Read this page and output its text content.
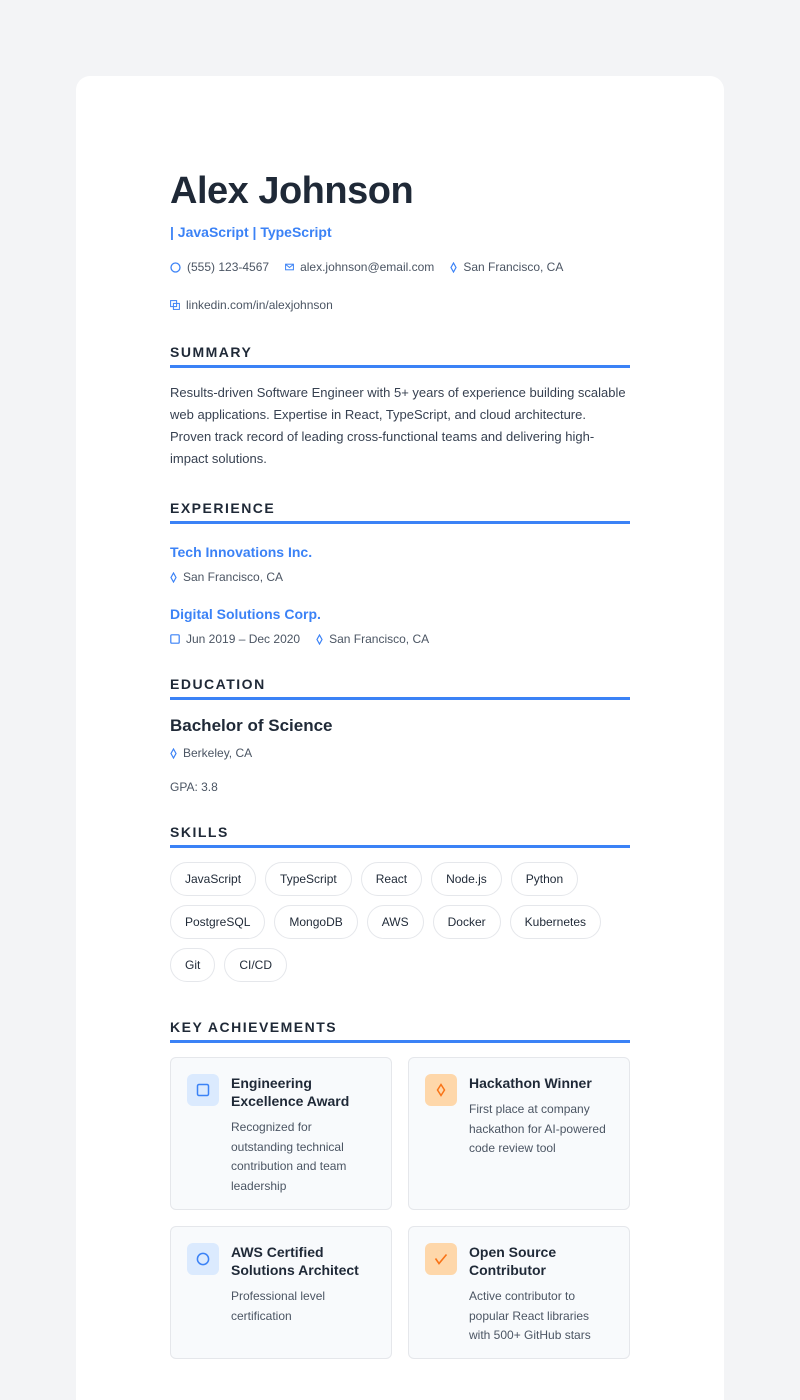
Alex Johnson
| JavaScript | TypeScript
(555) 123-4567	alex.johnson@email.com San Francisco, CA
linkedin.com/in/alexjohnson
SUMMARY

Results-driven Software Engineer with 5+ years of experience building scalable web applications. Expertise in React, TypeScript, and cloud architecture. Proven track record of leading cross-functional teams and delivering high-impact solutions.

EXPERIENCE
Tech Innovations Inc.
San Francisco, CA
Digital Solutions Corp.
Jun 2019 – Dec 2020 San Francisco, CA
EDUCATION
Bachelor of Science
Berkeley, CA
GPA: 3.8
SKILLS
JavaScript	TypeScript	React	Node.js	Python
PostgreSQL	MongoDB	AWS	Docker	Kubernetes
Git	CI/CD
KEY ACHIEVEMENTS
Engineering Excellence Award
Recognized for outstanding technical contribution and team leadership
Hackathon Winner
First place at company hackathon for AI-powered code review tool
AWS Certified Solutions Architect
Professional level certification
Open Source Contributor
Active contributor to popular React libraries with 500+ GitHub stars
